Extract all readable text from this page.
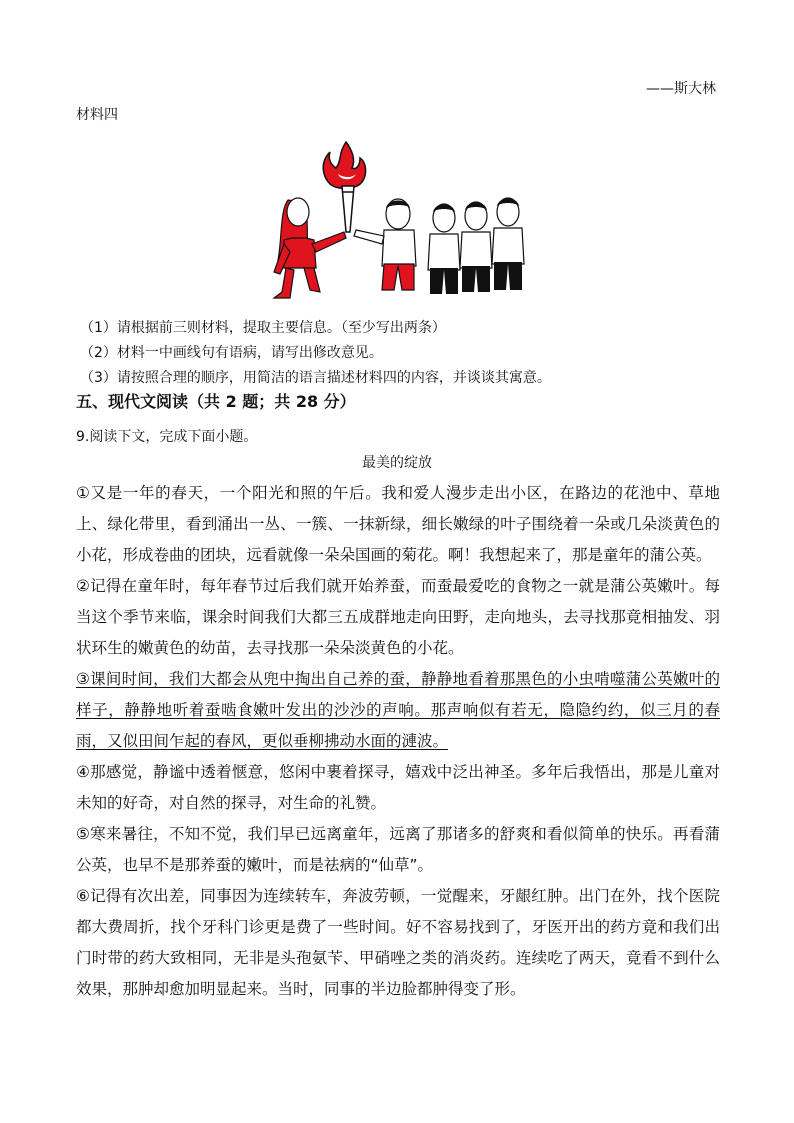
——斯大林
材料四
（1）请根据前三则材料，提取主要信息。（至少写出两条）
（2）材料一中画线句有语病，请写出修改意见。
（3）请按照合理的顺序，用简洁的语言描述材料四的内容，并谈谈其寓意。
五、现代文阅读（共 2 题；共 28 分）
9.阅读下文，完成下面小题。
最美的绽放

①又是一年的春天，一个阳光和照的午后。我和爱人漫步走出小区，在路边的花池中、草地上、绿化带里，看到涌出一丛、一簇、一抹新绿，细长嫩绿的叶子围绕着一朵或几朵淡黄色的小花，形成卷曲的团块，远看就像一朵朵国画的菊花。啊！我想起来了，那是童年的蒲公英。

②记得在童年时，每年春节过后我们就开始养蚕，而蚕最爱吃的食物之一就是蒲公英嫩叶。每当这个季节来临，课余时间我们大都三五成群地走向田野，走向地头，去寻找那竟相抽发、羽状环生的嫩黄色的幼苗，去寻找那一朵朵淡黄色的小花。

③课间时间，我们大都会从兜中掏出自己养的蚕，静静地看着那黑色的小虫啃噬蒲公英嫩叶的样子，静静地听着蚕啮食嫩叶发出的沙沙的声响。那声响似有若无，隐隐约约，似三月的春雨，又似田间乍起的春风，更似垂柳拂动水面的漣波。

④那感觉，静谧中透着惬意，悠闲中裹着探寻，嬉戏中泛出神圣。多年后我悟出，那是儿童对未知的好奇，对自然的探寻，对生命的礼赞。

⑤寒来暑往，不知不觉，我们早已远离童年，远离了那诸多的舒爽和看似简单的快乐。再看蒲公英，也早不是那养蚕的嫩叶，而是祛病的“仙草”。

⑥记得有次出差，同事因为连续转车，奔波劳顿，一觉醒来，牙龈红肿。出门在外，找个医院都大费周折，找个牙科门诊更是费了一些时间。好不容易找到了，牙医开出的药方竟和我们出门时带的药大致相同，无非是头孢氨苄、甲硝唑之类的消炎药。连续吃了两天，竟看不到什么效果，那肿却愈加明显起来。当时，同事的半边脸都肿得变了形。
